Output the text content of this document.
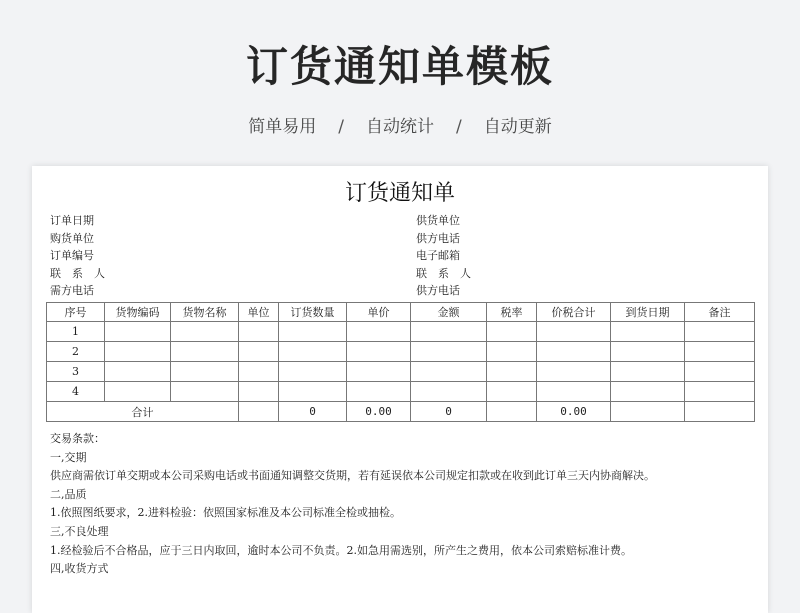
订货通知单模板
简单易用 / 自动统计 / 自动更新
订货通知单
订单日期
购货单位
订单编号
联　系　人
需方电话
供货单位
供方电话
电子邮箱
联　系　人
供方电话
序号	货物编码	货物名称	单位	订货数量	单价	金额	税率	价税合计	到货日期	备注
1										
2										
3										
4										
合计				0	0.00	0		0.00		
交易条款：
一,交期
供应商需依订单交期或本公司采购电话或书面通知调整交货期，若有延误依本公司规定扣款或在收到此订单三天内协商解决。
二,品质
1.依照图纸要求，2.进料检验：依照国家标准及本公司标准全检或抽检。
三,不良处理
1.经检验后不合格品，应于三日内取回，逾时本公司不负责。2.如急用需选别，所产生之费用，依本公司索赔标准计费。
四,收货方式
